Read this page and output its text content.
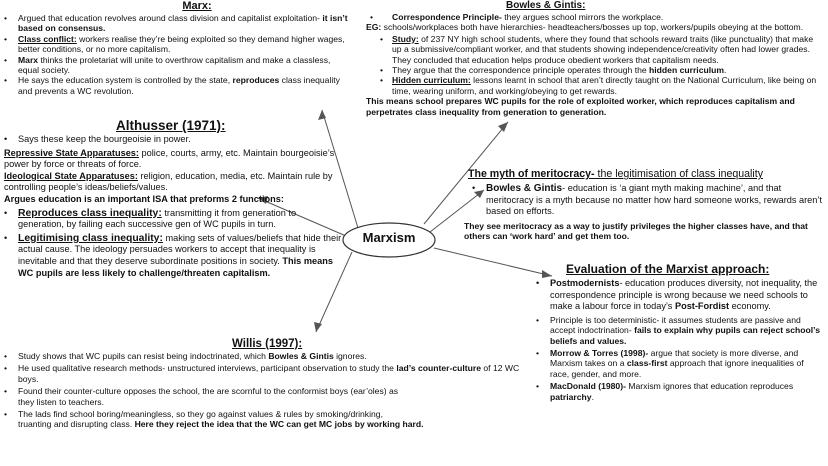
Marxism
Marx:
• Argued that education revolves around class division and capitalist exploitation- it isn’t based on consensus.
• Class conflict: workers realise they’re being exploited so they demand higher wages, better conditions, or no more capitalism.
• Marx thinks the proletariat will unite to overthrow capitalism and make a classless, equal society.
• He says the education system is controlled by the state, reproduces class inequality and prevents a WC revolution.
Althusser (1971):
• Says these keep the bourgeoisie in power.
Repressive State Apparatuses: police, courts, army, etc. Maintain bourgeoisie’s power by force or threats of force.
Ideological State Apparatuses: religion, education, media, etc. Maintain rule by controlling people’s ideas/beliefs/values.
Argues education is an important ISA that preforms 2 functions:
• Reproduces class inequality: transmitting it from generation to generation, by failing each successive gen of WC pupils in turn.
• Legitimising class inequality: making sets of values/beliefs that hide their actual cause. The ideology persuades workers to accept that inequality is inevitable and that they deserve subordinate positions in society. This means WC pupils are less likely to challenge/threaten capitalism.
Willis (1997):
• Study shows that WC pupils can resist being indoctrinated, which Bowles & Gintis ignores.
• He used qualitative research methods- unstructured interviews, participant observation to study the lad’s counter-culture of 12 WC boys.
• Found their counter-culture opposes the school, the are scornful to the conformist boys (ear’oles) as
they listen to teachers.
• The lads find school boring/meaningless, so they go against values & rules by smoking/drinking,
truanting and disrupting class. Here they reject the idea that the WC can get MC jobs by working hard.
Bowles & Gintis:
• Correspondence Principle- they argues school mirrors the workplace.
EG: schools/workplaces both have hierarchies- headteachers/bosses up top, workers/pupils obeying at the bottom.
• Study: of 237 NY high school students, where they found that schools reward traits (like punctuality) that make up a submissive/compliant worker, and that students showing independence/creativity often had lower grades. They concluded that education helps produce obedient workers that capitalism needs.
• They argue that the correspondence principle operates through the hidden curriculum.
• Hidden curriculum: lessons learnt in school that aren’t directly taught on the National Curriculum, like being on time, wearing uniform, and working/obeying to get rewards.
This means school prepares WC pupils for the role of exploited worker, which reproduces capitalism and perpetrates class inequality from generation to generation.
The myth of meritocracy- the legitimisation of class inequality
• Bowles & Gintis- education is ‘a giant myth making machine’, and that meritocracy is a myth because no matter how hard someone works, rewards aren’t based on efforts.
They see meritocracy as a way to justify privileges the higher classes have, and that others can ‘work hard’ and get them too.
Evaluation of the Marxist approach:
• Postmodernists- education produces diversity, not inequality, the correspondence principle is wrong because we need schools to make a labour force in today’s Post-Fordist economy.
• Principle is too deterministic- it assumes students are passive and accept indoctrination- fails to explain why pupils can reject school’s beliefs and values.
• Morrow & Torres (1998)- argue that society is more diverse, and Marxism takes on a class-first approach that ignore inequalities of race, gender, and more.
• MacDonald (1980)- Marxism ignores that education reproduces patriarchy.
